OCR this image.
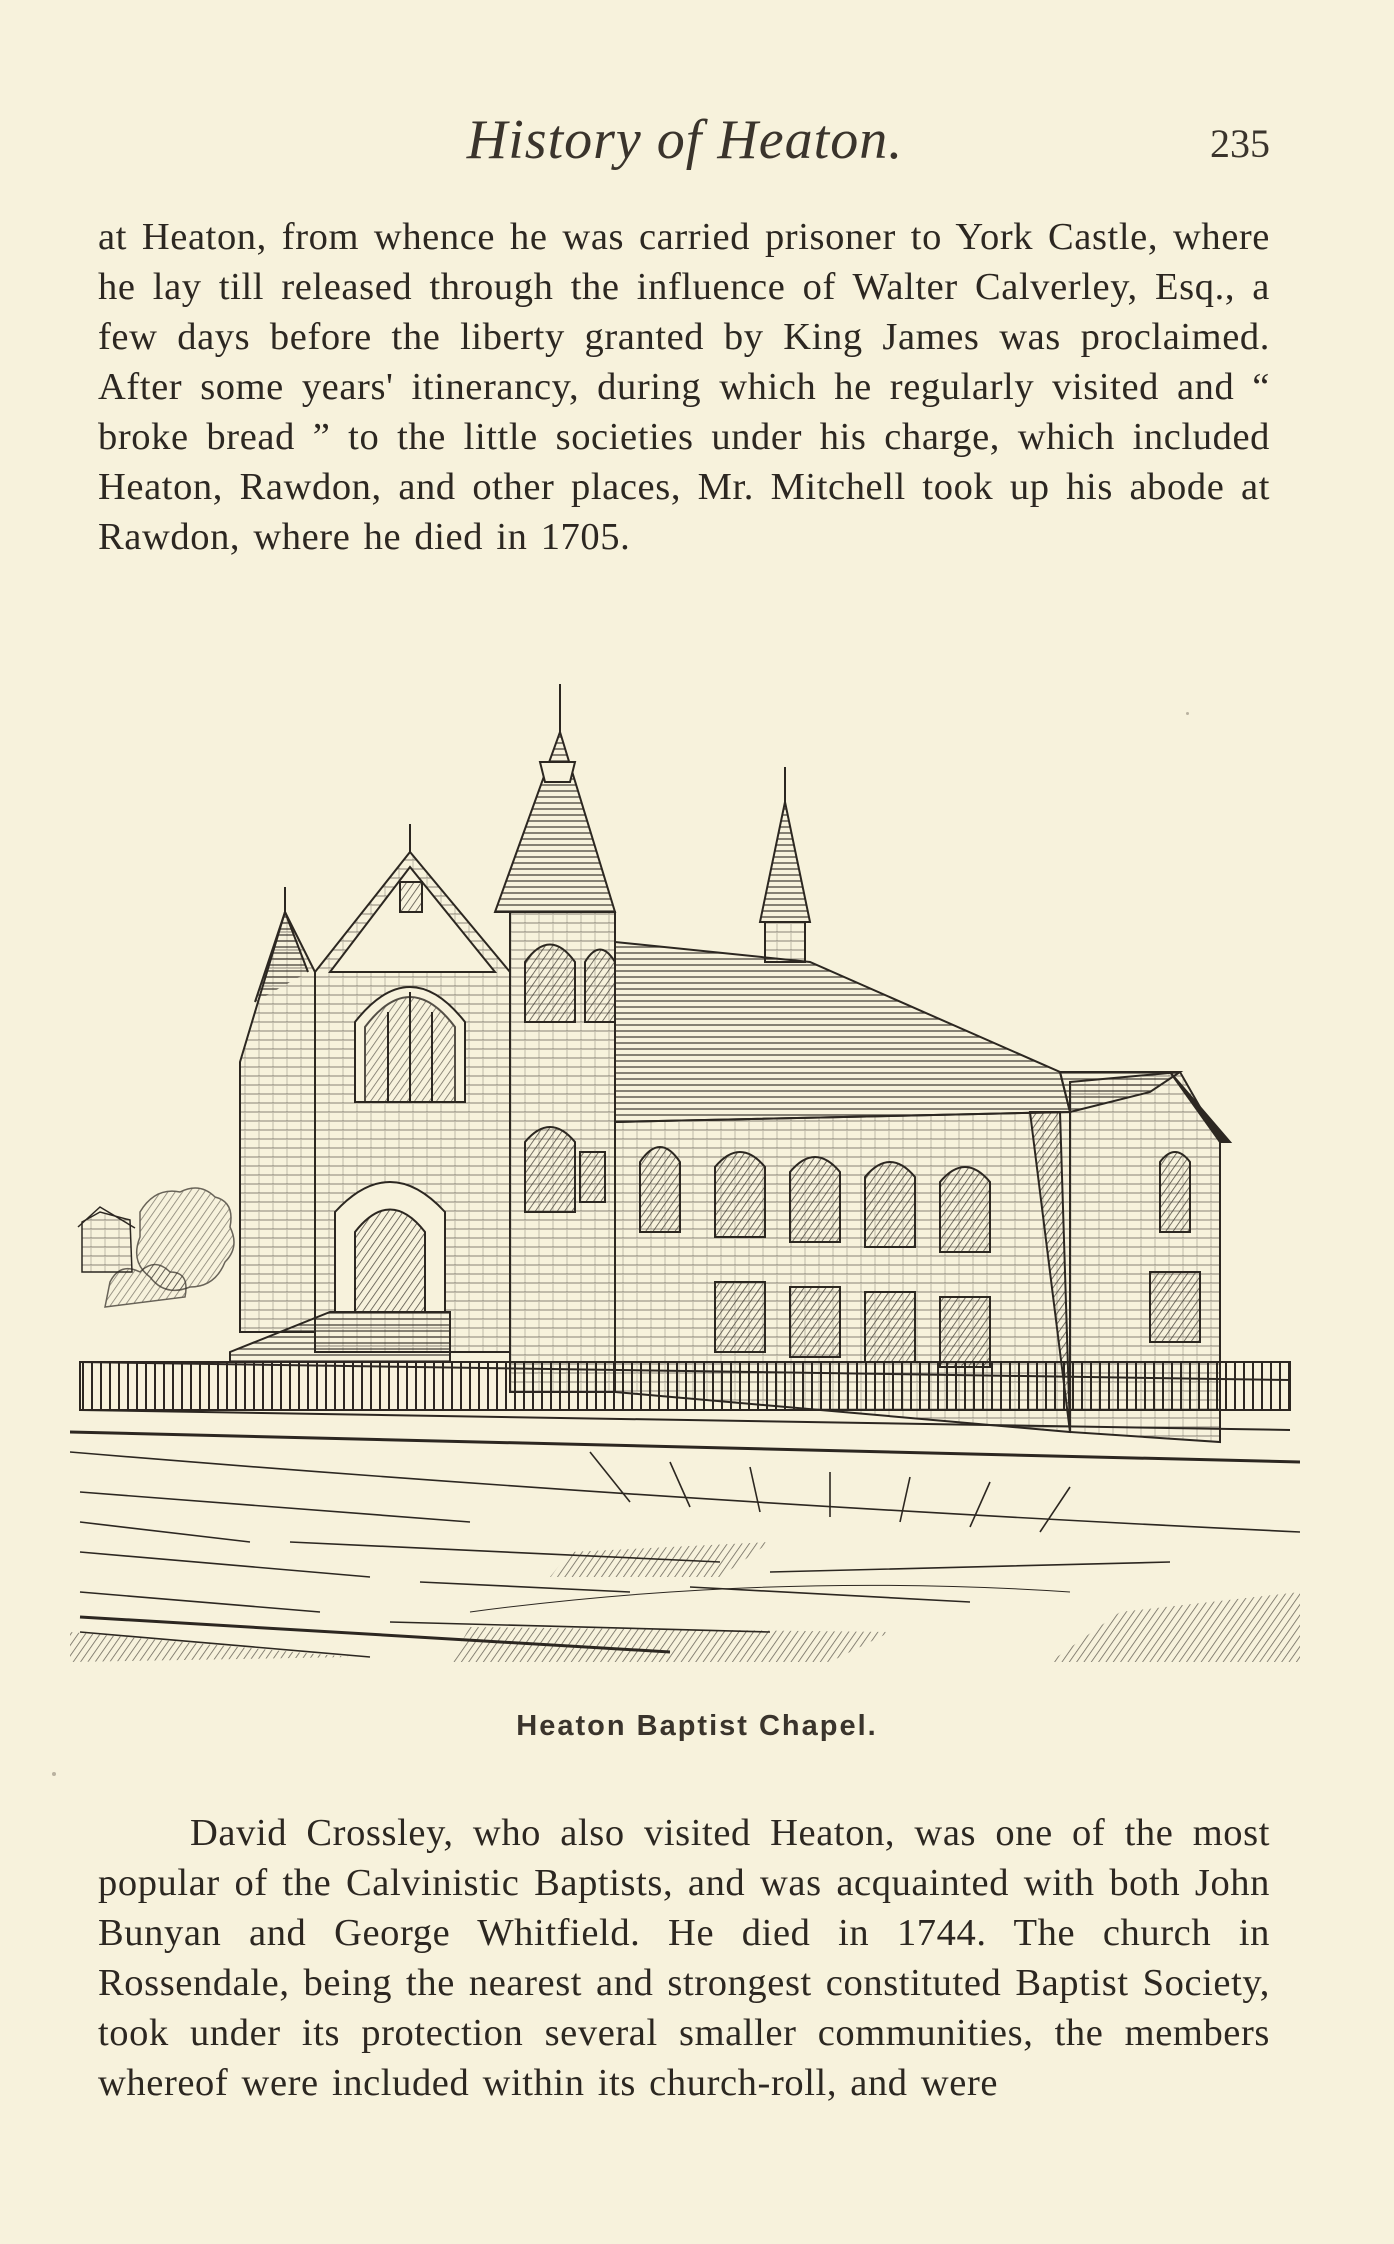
History of Heaton.	235

at Heaton, from whence he was carried prisoner to York Castle, where he lay till released through the influence of Walter Calverley, Esq., a few days before the liberty granted by King James was proclaimed. After some years' itinerancy, during which he regularly visited and “ broke bread ” to the little societies under his charge, which included Heaton, Rawdon, and other places, Mr. Mitchell took up his abode at Rawdon, where he died in 1705.

Heaton Baptist Chapel.

David Crossley, who also visited Heaton, was one of the most popular of the Calvinistic Baptists, and was acquainted with both John Bunyan and George Whitfield. He died in 1744. The church in Rossendale, being the nearest and strongest constituted Baptist Society, took under its protection several smaller communities, the members whereof were included within its church-roll, and were
